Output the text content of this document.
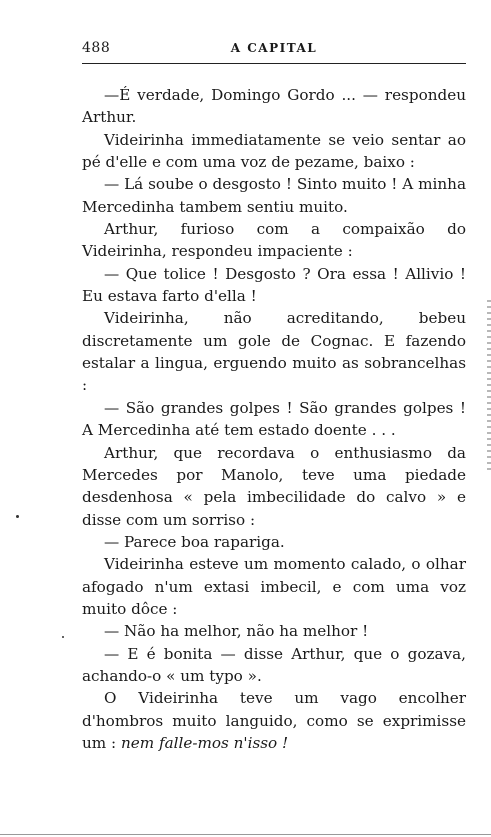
488	A CAPITAL

—É verdade, Domingo Gordo ... — respondeu Arthur.

Videirinha immediatamente se veio sentar ao pé d'elle e com uma voz de pezame, baixo :

— Lá soube o desgosto ! Sinto muito ! A minha Mercedinha tambem sentiu muito.

Arthur, furioso com a compaixão do Videirinha, respondeu impaciente :

— Que tolice ! Desgosto ? Ora essa ! Allivio ! Eu estava farto d'ella !

Videirinha, não acreditando, bebeu discretamente um gole de Cognac. E fazendo estalar a lingua, erguendo muito as sobrancelhas :

— São grandes golpes ! São grandes golpes ! A Mercedinha até tem estado doente . . .

Arthur, que recordava o enthusiasmo da Mercedes por Manolo, teve uma piedade desdenhosa « pela imbecilidade do calvo » e disse com um sorriso :

— Parece boa rapariga.

Videirinha esteve um momento calado, o olhar afogado n'um extasi imbecil, e com uma voz muito dôce :

— Não ha melhor, não ha melhor !

— E é bonita — disse Arthur, que o gozava, achando-o « um typo ».

O Videirinha teve um vago encolher d'hombros muito languido, como se exprimisse um : nem falle-mos n'isso !
